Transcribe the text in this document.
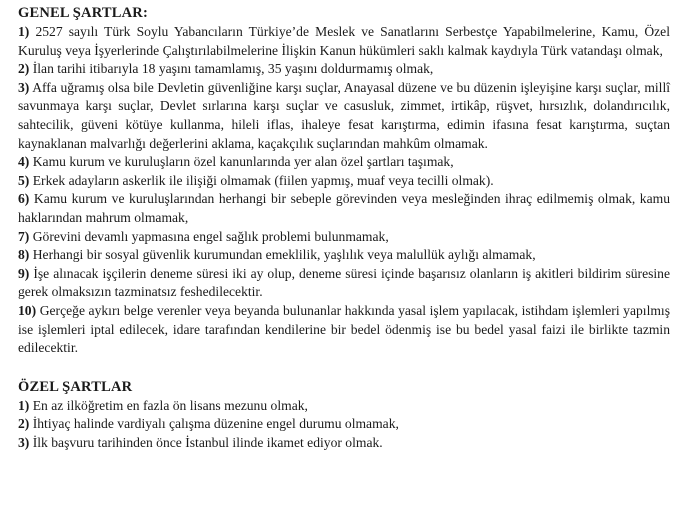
GENEL ŞARTLAR:
1) 2527 sayılı Türk Soylu Yabancıların Türkiye’de Meslek ve Sanatlarını Serbestçe Yapabilmelerine, Kamu, Özel Kuruluş veya İşyerlerinde Çalıştırılabilmelerine İlişkin Kanun hükümleri saklı kalmak kaydıyla Türk vatandaşı olmak,
2) İlan tarihi itibarıyla 18 yaşını tamamlamış, 35 yaşını doldurmamış olmak,
3) Affa uğramış olsa bile Devletin güvenliğine karşı suçlar, Anayasal düzene ve bu düzenin işleyişine karşı suçlar, millî savunmaya karşı suçlar, Devlet sırlarına karşı suçlar ve casusluk, zimmet, irtikâp, rüşvet, hırsızlık, dolandırıcılık, sahtecilik, güveni kötüye kullanma, hileli iflas, ihaleye fesat karıştırma, edimin ifasına fesat karıştırma, suçtan kaynaklanan malvarlığı değerlerini aklama, kaçakçılık suçlarından mahkûm olmamak.
4) Kamu kurum ve kuruluşların özel kanunlarında yer alan özel şartları taşımak,
5) Erkek adayların askerlik ile ilişiği olmamak (fiilen yapmış, muaf veya tecilli olmak).
6) Kamu kurum ve kuruluşlarından herhangi bir sebeple görevinden veya mesleğinden ihraç edilmemiş olmak, kamu haklarından mahrum olmamak,
7) Görevini devamlı yapmasına engel sağlık problemi bulunmamak,
8) Herhangi bir sosyal güvenlik kurumundan emeklilik, yaşlılık veya malullük aylığı almamak,
9) İşe alınacak işçilerin deneme süresi iki ay olup, deneme süresi içinde başarısız olanların iş akitleri bildirim süresine gerek olmaksızın tazminatsız feshedilecektir.
10) Gerçeğe aykırı belge verenler veya beyanda bulunanlar hakkında yasal işlem yapılacak, istihdam işlemleri yapılmış ise işlemleri iptal edilecek, idare tarafından kendilerine bir bedel ödenmiş ise bu bedel yasal faizi ile birlikte tazmin edilecektir.
ÖZEL ŞARTLAR
1) En az ilköğretim en fazla ön lisans mezunu olmak,
2) İhtiyaç halinde vardiyalı çalışma düzenine engel durumu olmamak,
3) İlk başvuru tarihinden önce İstanbul ilinde ikamet ediyor olmak.
